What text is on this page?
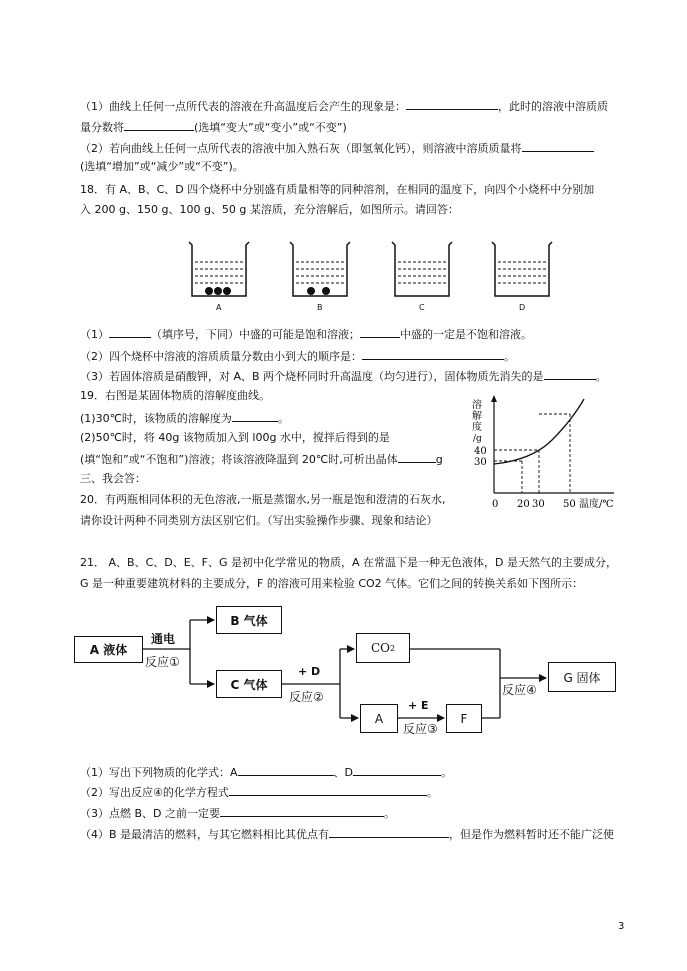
（1）曲线上任何一点所代表的溶液在升高温度后会产生的现象是：	，此时的溶液中溶质质
量分数将	(选填“变大”或“变小”或“不变”)
（2）若向曲线上任何一点所代表的溶液中加入熟石灰（即氢氧化钙），则溶液中溶质质量将
(选填“增加”或“减少”或“不变”)。
18．有 A、B、C、D 四个烧杯中分别盛有质量相等的同种溶剂，在相同的温度下，向四个小烧杯中分别加
入 200 g、150 g、100 g、50 g 某溶质，充分溶解后，如图所示。请回答：
A	B	C	D
（1）	（填序号，下同）中盛的可能是饱和溶液；	中盛的一定是不饱和溶液。
（2）四个烧杯中溶液的溶质质量分数由小到大的顺序是：	。
（3）若固体溶质是硝酸钾，对 A、B 两个烧杯同时升高温度（均匀进行），固体物质先消失的是	。
19．右图是某固体物质的溶解度曲线。
(1)30℃时，该物质的溶解度为	。
(2)50℃时，将 40g 该物质加入到 l00g 水中，搅拌后得到的是
(填“饱和”或“不饱和”)溶液；将该溶液降温到 20℃时,可析出晶体	g
溶
解
度
/g
40
30
0 20 30 50 温度/℃
三、我会答：
20．有两瓶相同体积的无色溶液,一瓶是蒸馏水,另一瓶是饱和澄清的石灰水,
请你设计两种不同类别方法区别它们。（写出实验操作步骤、现象和结论）
21． A、B、C、D、E、F、G 是初中化学常见的物质，A 在常温下是一种无色液体，D 是天然气的主要成分，
G 是一种重要建筑材料的主要成分，F 的溶液可用来检验 CO2 气体。它们之间的转换关系如下图所示：
A 液体
B 气体
C 气体
CO 2
A	F
G 固体
通电
反应①
+ D
反应②
+ E
反应③
反应④
（1）写出下列物质的化学式：A	、D	。
（2）写出反应④的化学方程式	。
（3）点燃 B、D 之前一定要	。
（4）B 是最清洁的燃料，与其它燃料相比其优点有	，但是作为燃料暂时还不能广泛使
3
